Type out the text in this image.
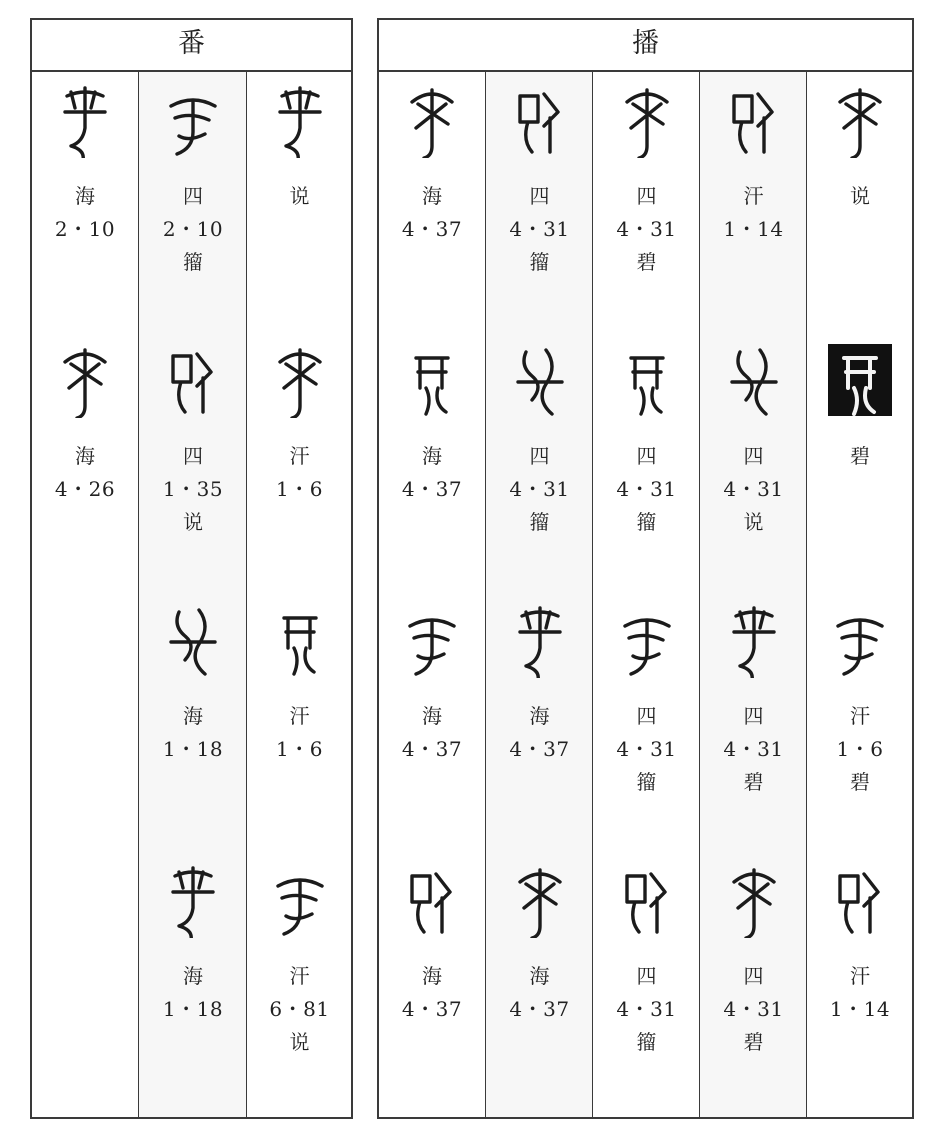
番
海
2・10
海
4・26
四
2・10
籀
四
1・35
说
海
1・18
海
1・18
说
汗
1・6
汗
1・6
汗
6・81
说
播
海
4・37
海
4・37
海
4・37
海
4・37
四
4・31
籀
四
4・31
籀
海
4・37
海
4・37
四
4・31
碧
四
4・31
籀
四
4・31
籀
四
4・31
籀
汗
1・14
四
4・31
说
四
4・31
碧
四
4・31
碧
说
碧
汗
1・6
碧
汗
1・14
